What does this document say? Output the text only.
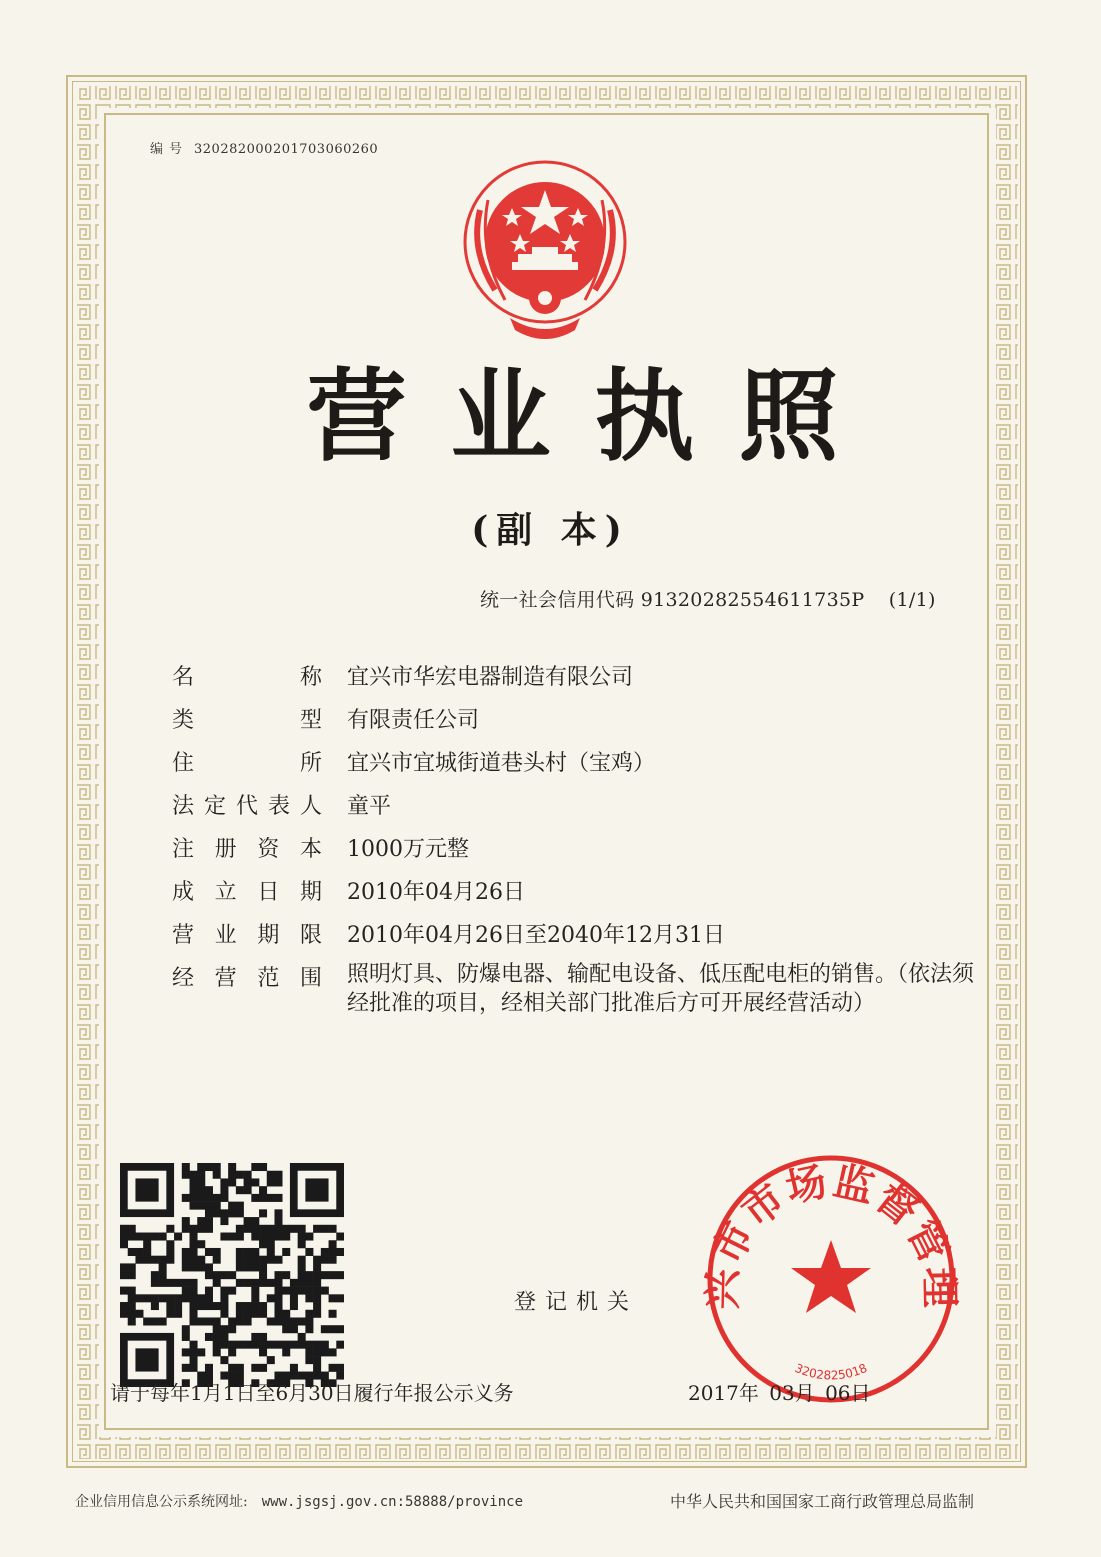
编号 320282000201703060260
营业执照
(副 本)
统一社会信用代码 913202825546117​35P (1/1)
名称 宜兴市华宏电器制造有限公司
类型 有限责任公司
住所 宜兴市宜城街道巷头村（宝鸡）
法定代表人 童平
注册资本 1000万元整
成立日期 2010年04月26日
营业期限 2010年04月26日至2040年12月31日
经营范围 照明灯具、防爆电器、输配电设备、低压配电柜的销售。（依法须经批准的项目，经相关部门批准后方可开展经营活动）
登记机关	兴市市场监督管理
3202825018
请于每年1月1日至6月30日履行年报公示义务	2017年 03月 06日
企业信用信息公示系统网址: www.jsgsj.gov.cn:58888/province	中华人民共和国国家工商行政管理总局监制
